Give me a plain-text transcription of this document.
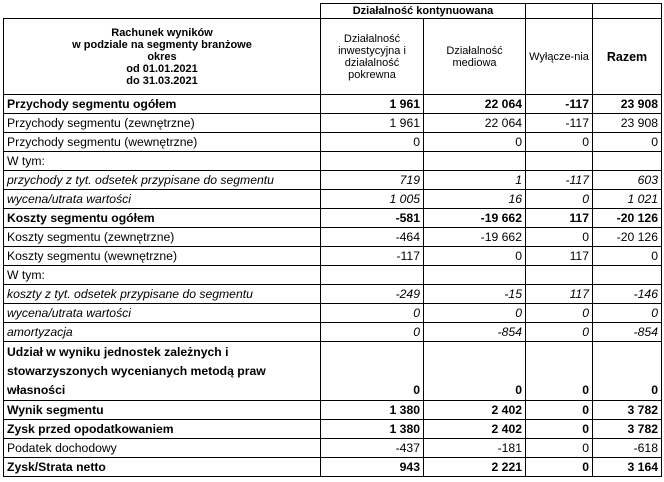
	Działalność kontynuowana			
Rachunek wyników
w podziale na segmenty branżowe
okres
od 01.01.2021
do 31.03.2021	Działalność inwestycyjna i działalność pokrewna	Działalność mediowa	Wyłącze-nia	Razem
Przychody segmentu ogółem	1 961	22 064	-117	23 908
Przychody segmentu (zewnętrzne)	1 961	22 064	-117	23 908
Przychody segmentu (wewnętrzne)	0	0	0	0
W tym:				
przychody z tyt. odsetek przypisane do segmentu	719	1	-117	603
wycena/utrata wartości	1 005	16	0	1 021
Koszty segmentu ogółem	-581	-19 662	117	-20 126
Koszty segmentu (zewnętrzne)	-464	-19 662	0	-20 126
Koszty segmentu (wewnętrzne)	-117	0	117	0
W tym:				
koszty z tyt. odsetek przypisane do segmentu	-249	-15	117	-146
wycena/utrata wartości	0	0	0	0
amortyzacja	0	-854	0	-854
Udział w wyniku jednostek zależnych i stowarzyszonych wycenianych metodą praw własności	0	0	0	0
Wynik segmentu	1 380	2 402	0	3 782
Zysk przed opodatkowaniem	1 380	2 402	0	3 782
Podatek dochodowy	-437	-181	0	-618
Zysk/Strata netto	943	2 221	0	3 164
